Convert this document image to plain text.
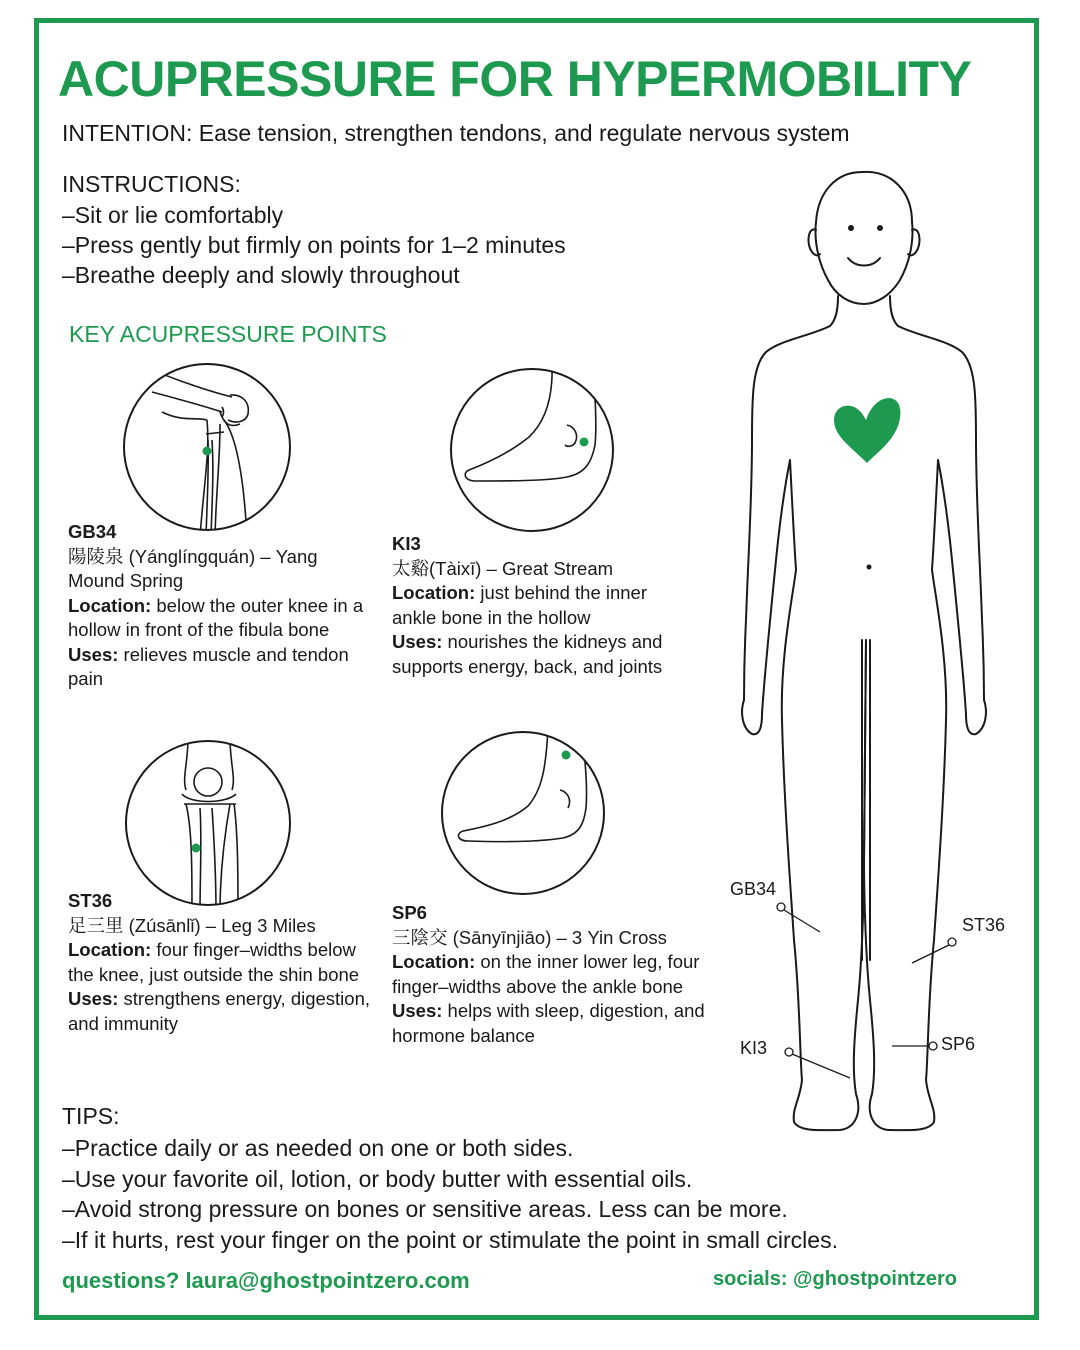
ACUPRESSURE FOR HYPERMOBILITY
INTENTION: Ease tension, strengthen tendons, and regulate nervous system
INSTRUCTIONS:
–Sit or lie comfortably
–Press gently but firmly on points for 1–2 minutes
–Breathe deeply and slowly throughout
KEY ACUPRESSURE POINTS
GB34
陽陵泉 (Yánglíngquán) – Yang Mound Spring
Location: below the outer knee in a hollow in front of the fibula bone
Uses: relieves muscle and tendon pain
KI3
太谿(Tàixī) – Great Stream
Location: just behind the inner ankle bone in the hollow
Uses: nourishes the kidneys and supports energy, back, and joints
ST36
足三里 (Zúsānlǐ) – Leg 3 Miles
Location: four finger–widths below the knee, just outside the shin bone
Uses: strengthens energy, digestion, and immunity
SP6
三陰交 (Sānyīnjiāo) – 3 Yin Cross
Location: on the inner lower leg, four finger–widths above the ankle bone
Uses: helps with sleep, digestion, and hormone balance
GB34
ST36
KI3	SP6
TIPS:
–Practice daily or as needed on one or both sides.
–Use your favorite oil, lotion, or body butter with essential oils.
–Avoid strong pressure on bones or sensitive areas. Less can be more.
–If it hurts, rest your finger on the point or stimulate the point in small circles.
questions? laura@ghostpointzero.com	socials: @ghostpointzero
